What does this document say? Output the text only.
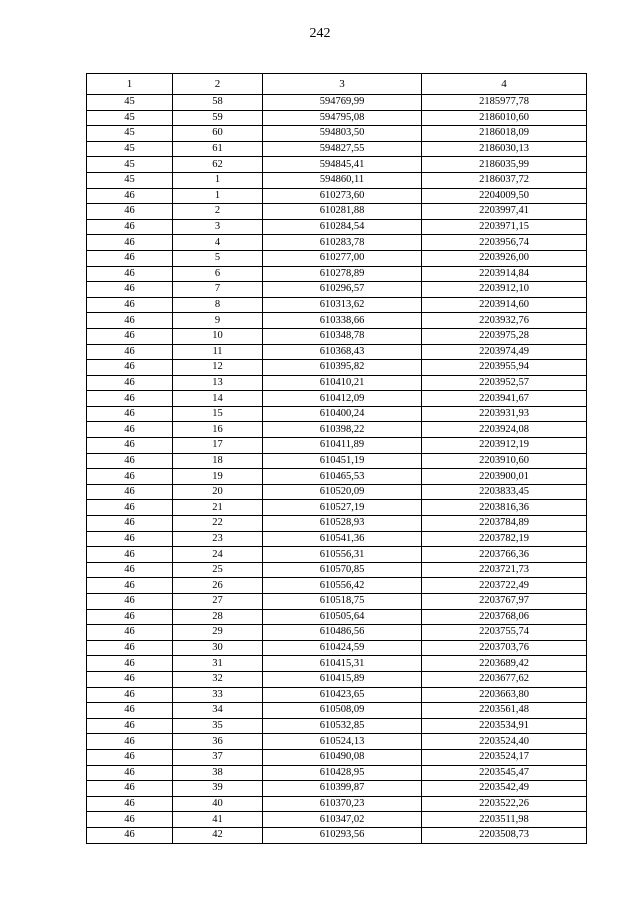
242
1	2	3	4
45	58	594769,99	2185977,78
45	59	594795,08	2186010,60
45	60	594803,50	2186018,09
45	61	594827,55	2186030,13
45	62	594845,41	2186035,99
45	1	594860,11	2186037,72
46	1	610273,60	2204009,50
46	2	610281,88	2203997,41
46	3	610284,54	2203971,15
46	4	610283,78	2203956,74
46	5	610277,00	2203926,00
46	6	610278,89	2203914,84
46	7	610296,57	2203912,10
46	8	610313,62	2203914,60
46	9	610338,66	2203932,76
46	10	610348,78	2203975,28
46	11	610368,43	2203974,49
46	12	610395,82	2203955,94
46	13	610410,21	2203952,57
46	14	610412,09	2203941,67
46	15	610400,24	2203931,93
46	16	610398,22	2203924,08
46	17	610411,89	2203912,19
46	18	610451,19	2203910,60
46	19	610465,53	2203900,01
46	20	610520,09	2203833,45
46	21	610527,19	2203816,36
46	22	610528,93	2203784,89
46	23	610541,36	2203782,19
46	24	610556,31	2203766,36
46	25	610570,85	2203721,73
46	26	610556,42	2203722,49
46	27	610518,75	2203767,97
46	28	610505,64	2203768,06
46	29	610486,56	2203755,74
46	30	610424,59	2203703,76
46	31	610415,31	2203689,42
46	32	610415,89	2203677,62
46	33	610423,65	2203663,80
46	34	610508,09	2203561,48
46	35	610532,85	2203534,91
46	36	610524,13	2203524,40
46	37	610490,08	2203524,17
46	38	610428,95	2203545,47
46	39	610399,87	2203542,49
46	40	610370,23	2203522,26
46	41	610347,02	2203511,98
46	42	610293,56	2203508,73
